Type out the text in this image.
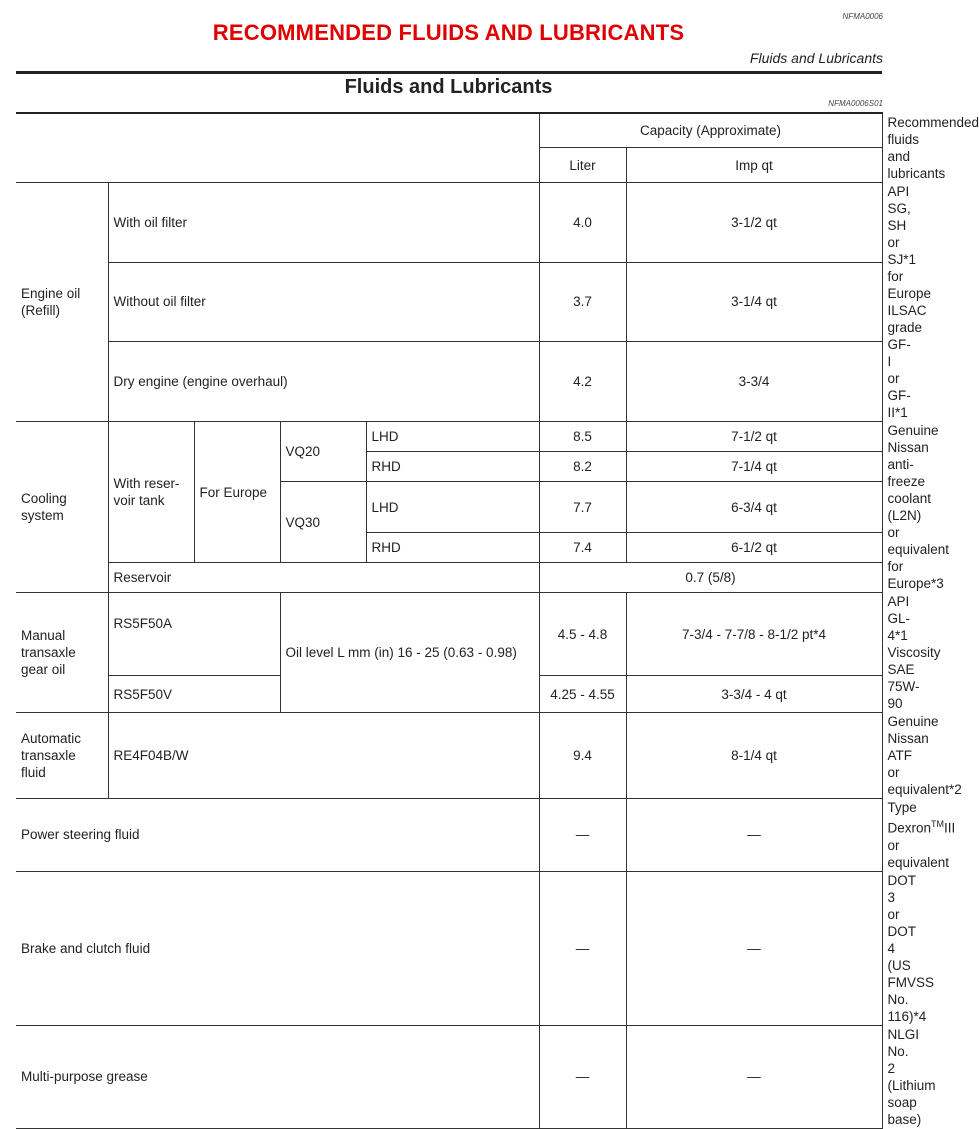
NFMA0006
RECOMMENDED FLUIDS AND LUBRICANTS
Fluids and Lubricants
Fluids and Lubricants
NFMA0006S01
					Capacity (Approximate)		Recommended fluids and lubricants
					Liter	Imp qt	
Engine oil (Refill)	With oil filter				4.0	3-1/2 qt	API SG, SH or SJ*1 for Europe ILSAC grade GF-I or GF-II*1
	Without oil filter				3.7	3-1/4 qt	
	Dry engine (engine overhaul)				4.2	3-3/4	
Cooling system	With reser- voir tank	For Europe	VQ20	LHD	8.5	7-1/2 qt	Genuine Nissan anti-freeze coolant (L2N) or equivalent for Europe*3
				RHD	8.2	7-1/4 qt	
			VQ30	LHD	7.7	6-3/4 qt	
				RHD	7.4	6-1/2 qt	
	Reservoir				0.7 (5/8)		
Manual transaxle gear oil	RS5F50A		Oil level L mm (in) 16 - 25 (0.63 - 0.98)		4.5 - 4.8	7-3/4 - 7-7/8 - 8-1/2 pt*4	API GL-4*1 Viscosity SAE 75W-90
	RS5F50V				4.25 - 4.55	3-3/4 - 4 qt	
Automatic transaxle fluid	RE4F04B/W				9.4	8-1/4 qt	Genuine Nissan ATF or equivalent*2
Power steering fluid					—	—	Type Dexron™III or equivalent
Brake and clutch fluid					—	—	DOT 3 or DOT 4 (US FMVSS No. 116)*4
Multi-purpose grease					—	—	NLGI No. 2 (Lithium soap base)
